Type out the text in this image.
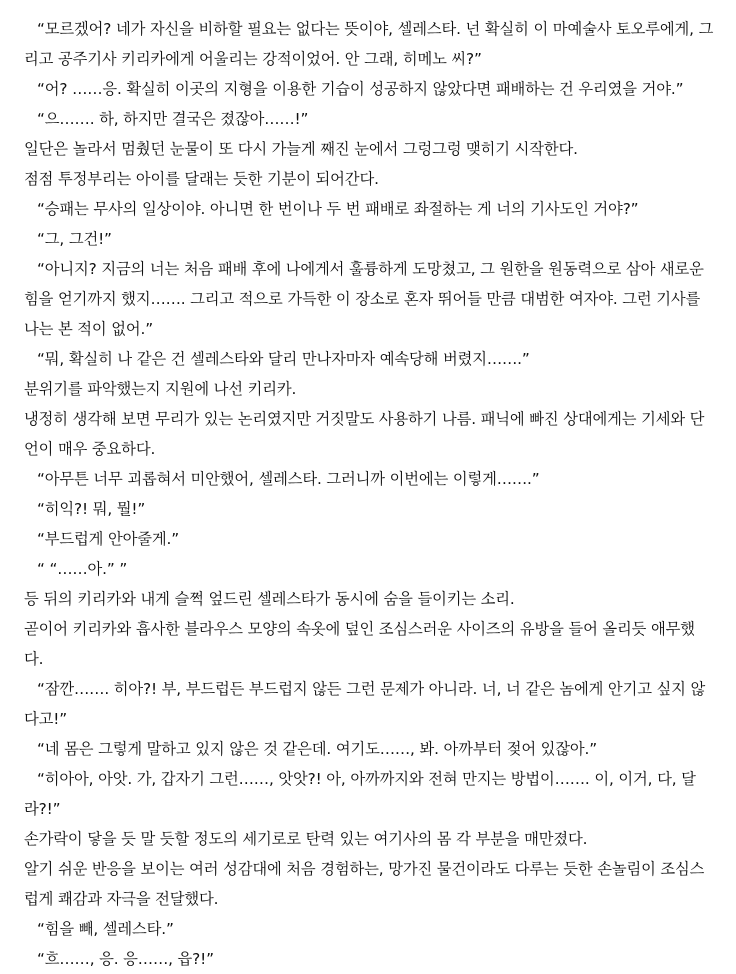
“모르겠어? 네가 자신을 비하할 필요는 없다는 뜻이야, 셀레스타. 넌 확실히 이 마예술사 토오루에게, 그리고 공주기사 키리카에게 어울리는 강적이었어. 안 그래, 히메노 씨?”

“어? ……응. 확실히 이곳의 지형을 이용한 기습이 성공하지 않았다면 패배하는 건 우리였을 거야.”

“으……. 하, 하지만 결국은 졌잖아……!”

일단은 놀라서 멈췄던 눈물이 또 다시 가늘게 째진 눈에서 그렁그렁 맺히기 시작한다.

점점 투정부리는 아이를 달래는 듯한 기분이 되어간다.

“승패는 무사의 일상이야. 아니면 한 번이나 두 번 패배로 좌절하는 게 너의 기사도인 거야?”

“그, 그건!”

“아니지? 지금의 너는 처음 패배 후에 나에게서 훌륭하게 도망쳤고, 그 원한을 원동력으로 삼아 새로운 힘을 얻기까지 했지……. 그리고 적으로 가득한 이 장소로 혼자 뛰어들 만큼 대범한 여자야. 그런 기사를 나는 본 적이 없어.”

“뭐, 확실히 나 같은 건 셀레스타와 달리 만나자마자 예속당해 버렸지…….”

분위기를 파악했는지 지원에 나선 키리카.

냉정히 생각해 보면 무리가 있는 논리였지만 거짓말도 사용하기 나름. 패닉에 빠진 상대에게는 기세와 단언이 매우 중요하다.

“아무튼 너무 괴롭혀서 미안했어, 셀레스타. 그러니까 이번에는 이렇게…….”

“히익?! 뭐, 뭘!”

“부드럽게 안아줄게.”

“ “……아.” ”

등 뒤의 키리카와 내게 슬쩍 엎드린 셀레스타가 동시에 숨을 들이키는 소리.

곧이어 키리카와 흡사한 블라우스 모양의 속옷에 덮인 조심스러운 사이즈의 유방을 들어 올리듯 애무했다.

“잠깐……. 히아?! 부, 부드럽든 부드럽지 않든 그런 문제가 아니라. 너, 너 같은 놈에게 안기고 싶지 않다고!”

“네 몸은 그렇게 말하고 있지 않은 것 같은데. 여기도……, 봐. 아까부터 젖어 있잖아.”

“히아아, 아앗. 가, 갑자기 그런……, 앗앗?! 아, 아까까지와 전혀 만지는 방법이……. 이, 이거, 다, 달라?!”

손가락이 닿을 듯 말 듯할 정도의 세기로로 탄력 있는 여기사의 몸 각 부분을 매만졌다.

알기 쉬운 반응을 보이는 여러 성감대에 처음 경험하는, 망가진 물건이라도 다루는 듯한 손놀림이 조심스럽게 쾌감과 자극을 전달했다.

“힘을 빼, 셀레스타.”

“흐……, 응. 응……, 읍?!”
